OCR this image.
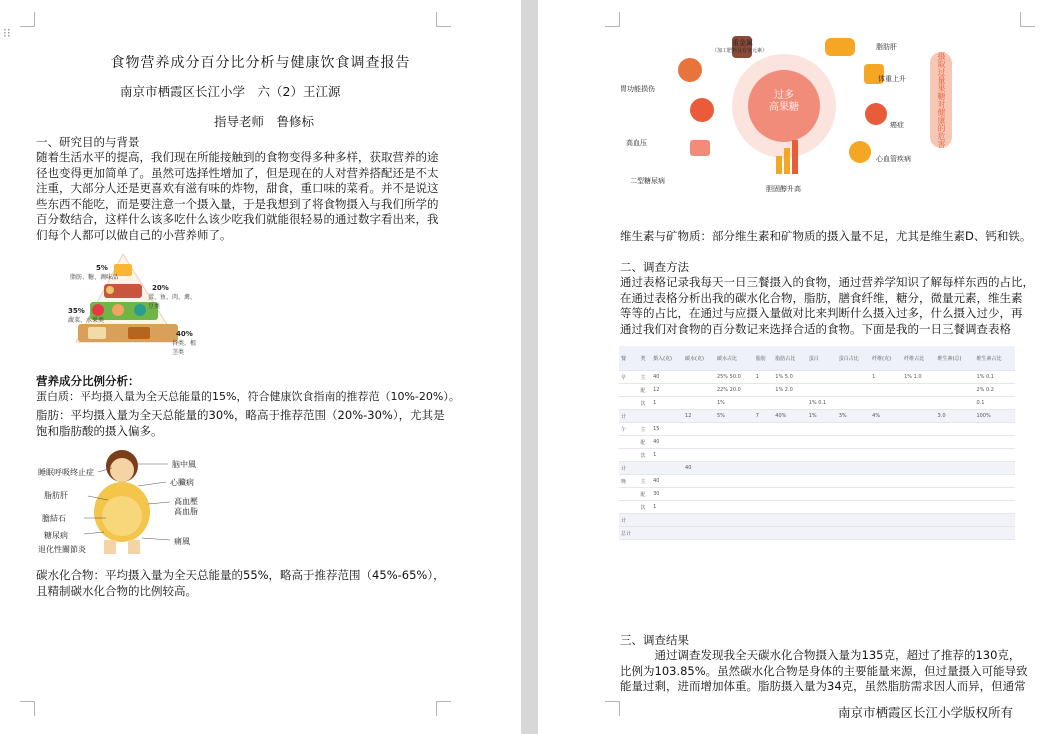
⁝⁝
食物营养成分百分比分析与健康饮食调查报告
南京市栖霞区长江小学　六（2）王江源
指导老师　鲁修标
一、研究目的与背景
随着生活水平的提高，我们现在所能接触到的食物变得多种多样，获取营养的途
径也变得更加简单了。虽然可选择性增加了，但是现在的人对营养搭配还是不太
注重，大部分人还是更喜欢有滋有味的炸物，甜食，重口味的菜肴。并不是说这
些东西不能吃，而是要注意一个摄入量，于是我想到了将食物摄入与我们所学的
百分数结合，这样什么该多吃什么该少吃我们就能很轻易的通过数字看出来，我
们每个人都可以做自己的小营养师了。
5%
脂肪、糖、调味品
20%
蛋、鱼、肉、禽、豆类
35%
蔬菜、水果类
40%
谷类、根茎类
营养成分比例分析：
蛋白质：平均摄入量为全天总能量的15%，符合健康饮食指南的推荐范（10%-20%）。
脂肪：平均摄入量为全天总能量的30%，略高于推荐范围（20%-30%），尤其是
饱和脂肪酸的摄入偏多。
睡眠呼吸终止症
脑中風
心臟病
脂肪肝
高血壓
高血脂
膽結石
糖尿病
痛風
退化性關節炎
碳水化合物：平均摄入量为全天总能量的55%，略高于推荐范围（45%-65%），
且精制碳水化合物的比例较高。
过多
高果糖
重金属
（加工肥料及有害元素）	脂肪肝
胃功能损伤
体重上升
高血压
癌症
二型糖尿病
心血管疾病
胆固醇升高
摄取过量果糖对健康的危害
维生素与矿物质：部分维生素和矿物质的摄入量不足，尤其是维生素D、钙和铁。
二、调查方法
通过表格记录我每天一日三餐摄入的食物，通过营养学知识了解每样东西的占比，
在通过表格分析出我的碳水化合物，脂肪，膳食纤维，糖分，微量元素，维生素
等等的占比，在通过与应摄入量做对比来判断什么摄入过多，什么摄入过少，再
通过我们对食物的百分数记来选择合适的食物。下面是我的一日三餐调查表格
餐	类	摄入(克)	碳水(克)	碳水占比	脂肪	脂肪占比	蛋白	蛋白占比	纤维(克)	纤维占比	维生素(总)	维生素占比
早	主	40		25% 50.0	1	1% 5.0			1	1% 1.0		1% 0.1
	配	12		22% 20.0		1% 2.0						2% 0.2
	饮	1		1%			1% 0.1					0.1
计			12	5%	7	40%	1%	3%	4%		3.0	100%
午	主	15										
	配	40										
	饮	1										
计			40									
晚	主	40										
	配	30										
	饮	1										
计												
总计												
三、调查结果
　　　通过调查发现我全天碳水化合物摄入量为135克，超过了推荐的130克，
比例为103.85%。虽然碳水化合物是身体的主要能量来源，但过量摄入可能导致
能量过剩，进而增加体重。脂肪摄入量为34克，虽然脂肪需求因人而异，但通常
南京市栖霞区长江小学版权所有
